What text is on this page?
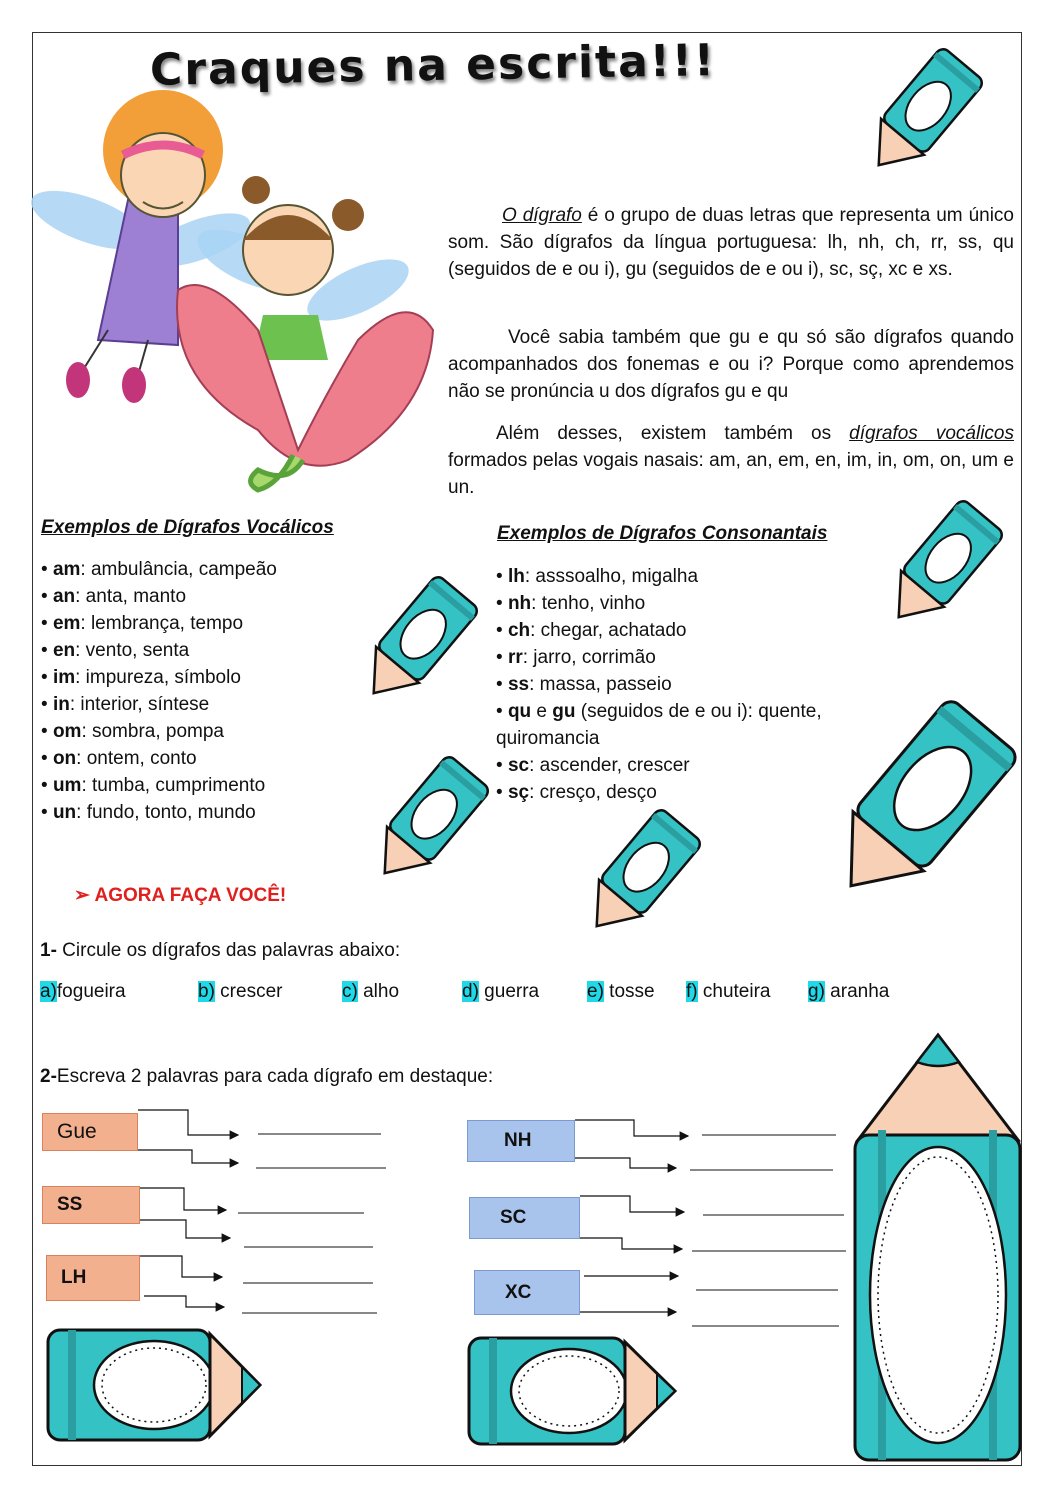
Craques na escrita!!!
O dígrafo é o grupo de duas letras que representa um único som. São dígrafos da língua portuguesa: lh, nh, ch, rr, ss, qu (seguidos de e ou i), gu (seguidos de e ou i), sc, sç, xc e xs.
Você sabia também que gu e qu só são dígrafos quando acompanhados dos fonemas e ou i? Porque como aprendemos não se pronúncia u dos dígrafos gu e qu
Além desses, existem também os dígrafos vocálicos formados pelas vogais nasais: am, an, em, en, im, in, om, on, um e un.
Exemplos de Dígrafos Vocálicos	Exemplos de Dígrafos Consonantais
• am: ambulância, campeão
• an: anta, manto
• em: lembrança, tempo
• en: vento, senta
• im: impureza, símbolo
• in: interior, síntese
• om: sombra, pompa
• on: ontem, conto
• um: tumba, cumprimento
• un: fundo, tonto, mundo
• lh: asssoalho, migalha
• nh: tenho, vinho
• ch: chegar, achatado
• rr: jarro, corrimão
• ss: massa, passeio
• qu e gu (seguidos de e ou i): quente,
quiromancia
• sc: ascender, crescer
• sç: cresço, desço
➢ AGORA FAÇA VOCÊ!
1- Circule os dígrafos das palavras abaixo:
a)fogueira	b) crescer	c) alho	d) guerra	e) tosse f) chuteira g) aranha
2-Escreva 2 palavras para cada dígrafo em destaque:
Gue
SS
LH
NH
SC
XC
